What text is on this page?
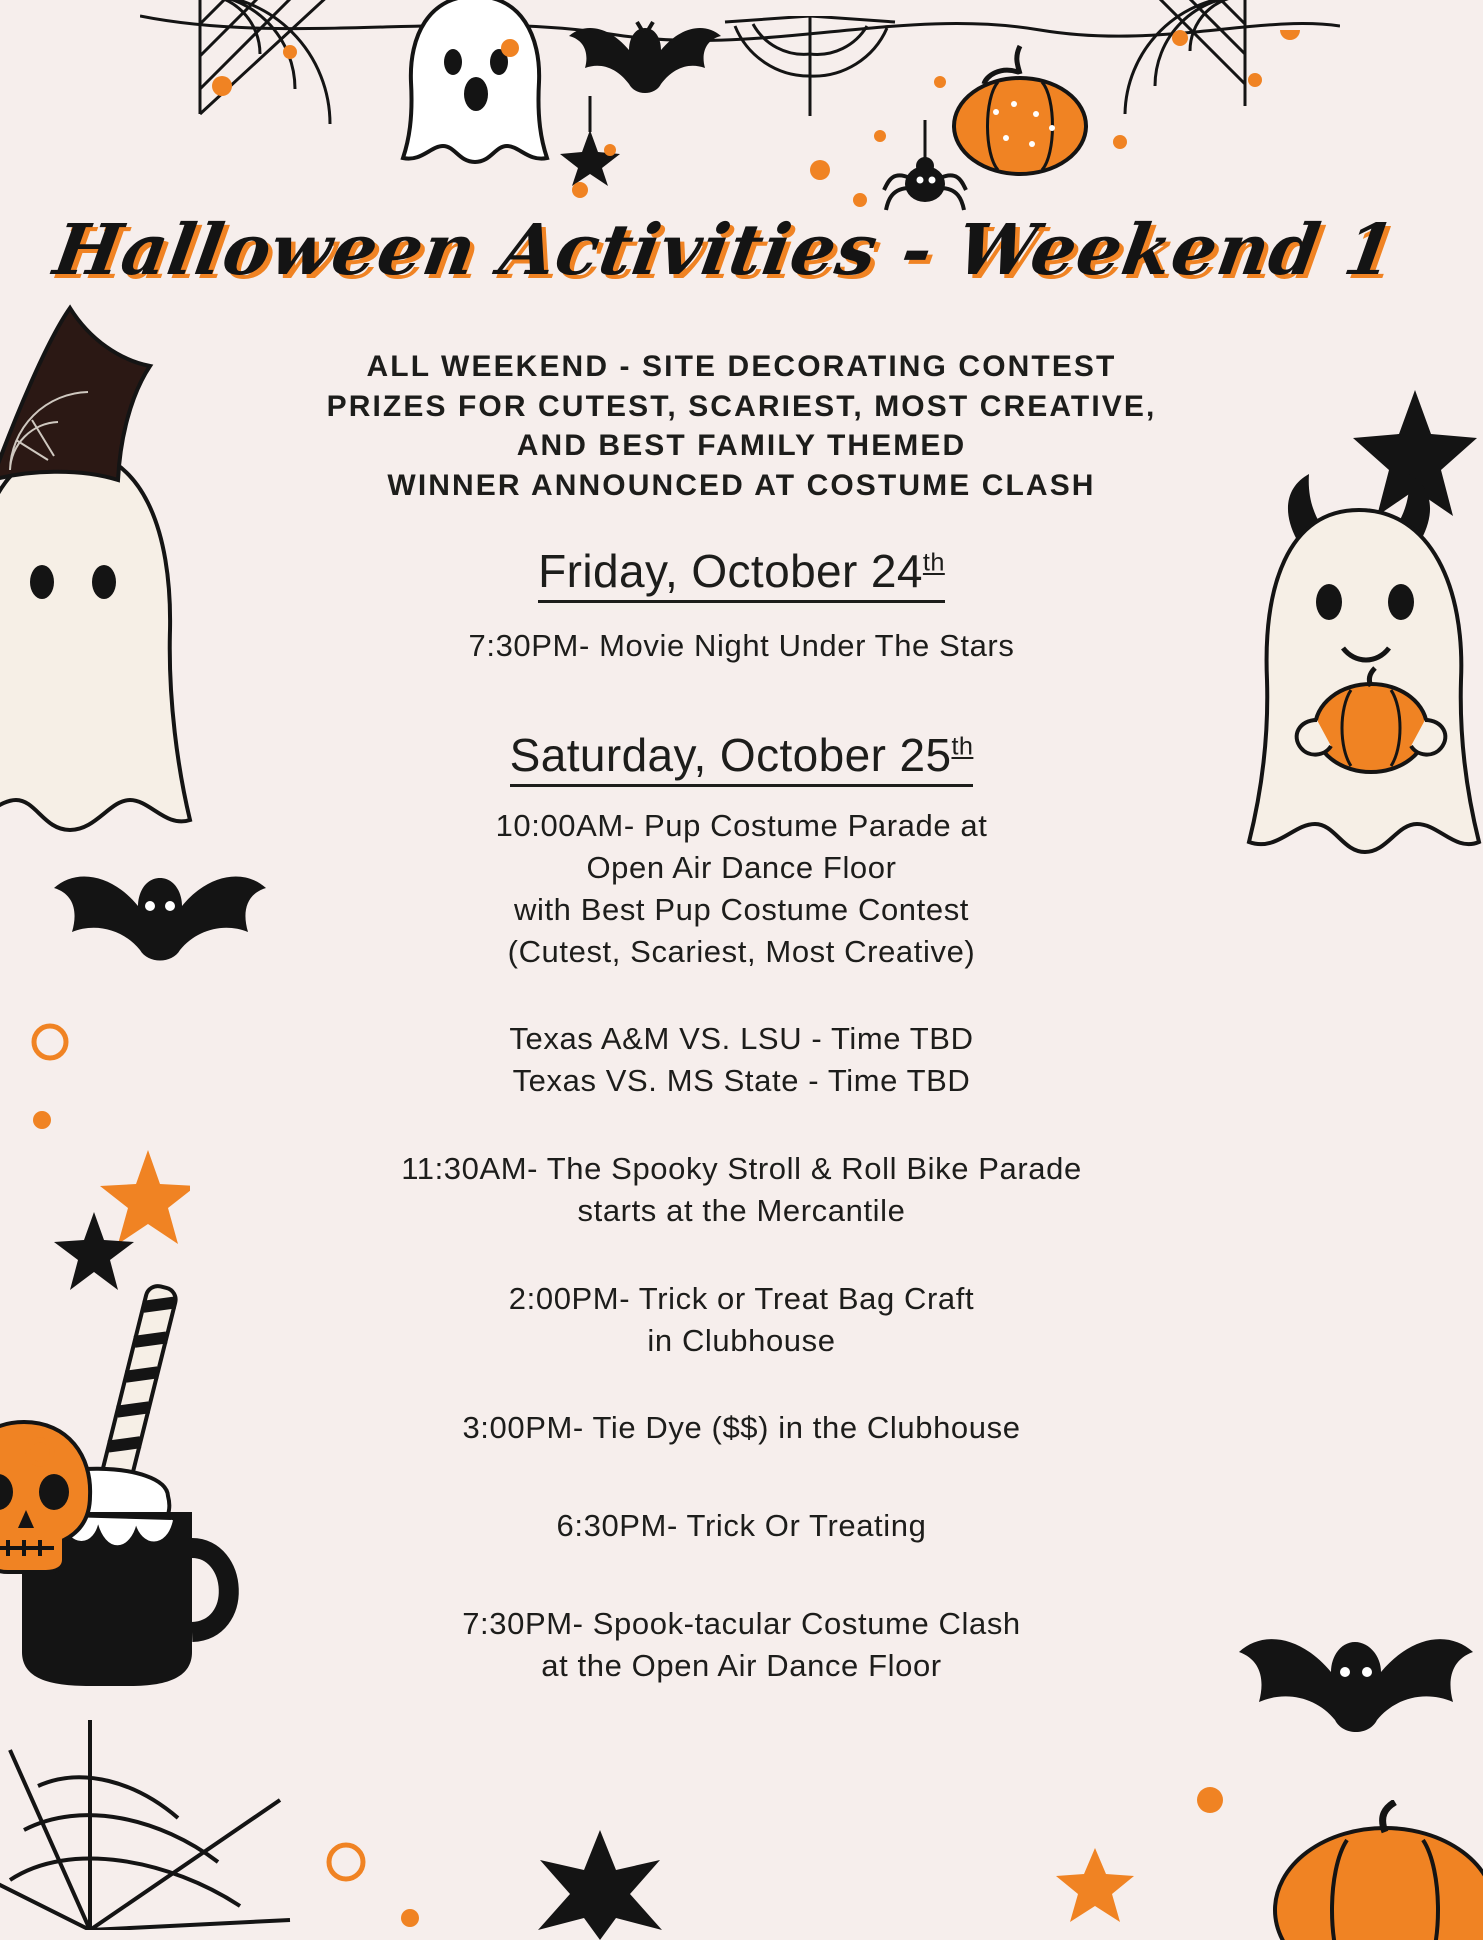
Halloween Activities - Weekend 1
ALL WEEKEND - SITE DECORATING CONTEST
PRIZES FOR CUTEST, SCARIEST, MOST CREATIVE,
AND BEST FAMILY THEMED
WINNER ANNOUNCED AT COSTUME CLASH
Friday, October 24th
7:30PM- Movie Night Under The Stars
Saturday, October 25th
10:00AM- Pup Costume Parade at
Open Air Dance Floor
with Best Pup Costume Contest
(Cutest, Scariest, Most Creative)
Texas A&M VS. LSU - Time TBD
Texas VS. MS State - Time TBD
11:30AM- The Spooky Stroll & Roll Bike Parade
starts at the Mercantile
2:00PM- Trick or Treat Bag Craft
in Clubhouse
3:00PM- Tie Dye ($$) in the Clubhouse
6:30PM- Trick Or Treating
7:30PM- Spook-tacular Costume Clash
at the Open Air Dance Floor
